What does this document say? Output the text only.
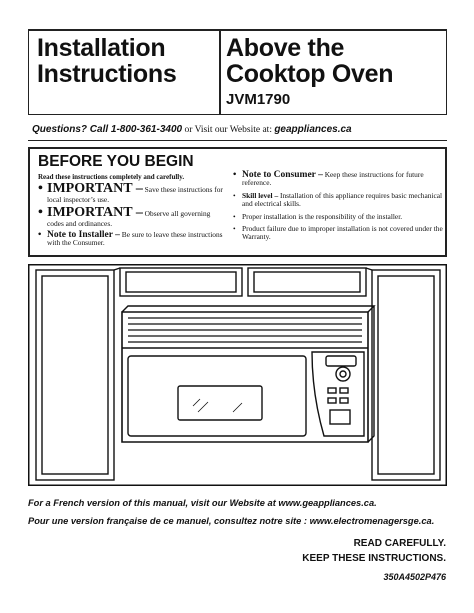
Installation
Instructions
Above the
Cooktop Oven
JVM1790
Questions? Call 1-800-361-3400 or Visit our Website at: geappliances.ca
BEFORE YOU BEGIN
Read these instructions completely and carefully.
• IMPORTANT – Save these instructions for local inspector’s use.
• IMPORTANT – Observe all governing codes and ordinances.
• Note to Installer – Be sure to leave these instructions with the Consumer.
• Note to Consumer – Keep these instructions for future reference.
• Skill level – Installation of this appliance requires basic mechanical and electrical skills.
• Proper installation is the responsibility of the installer.
• Product failure due to improper installation is not covered under the Warranty.
For a French version of this manual, visit our Website at www.geappliances.ca.
Pour une version française de ce manuel, consultez notre site : www.electromenagersge.ca.
READ CAREFULLY.
KEEP THESE INSTRUCTIONS.
350A4502P476
